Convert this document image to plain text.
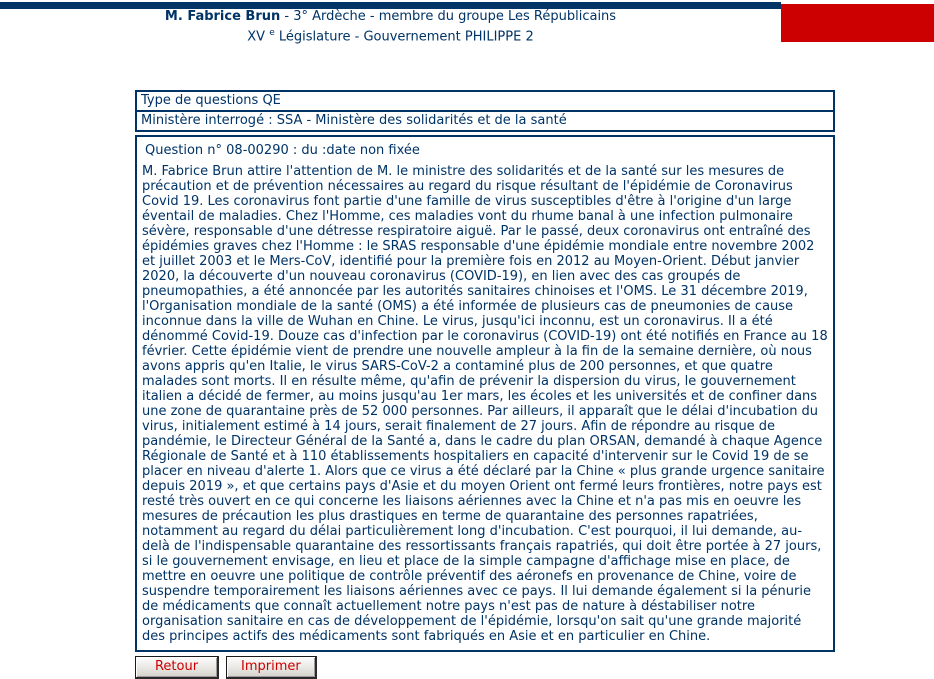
M. Fabrice Brun - 3° Ardèche - membre du groupe Les Républicains
XV $^e$ Législature - Gouvernement PHILIPPE 2
Type de questions QE
Ministère interrogé : SSA - Ministère des solidarités et de la santé
Question n° 08-00290 : du :date non fixée
M. Fabrice Brun attire l'attention de M. le ministre des solidarités et de la santé sur les mesures de précaution et de prévention nécessaires au regard du risque résultant de l'épidémie de Coronavirus Covid 19. Les coronavirus font partie d'une famille de virus susceptibles d'être à l'origine d'un large éventail de maladies. Chez l'Homme, ces maladies vont du rhume banal à une infection pulmonaire sévère, responsable d'une détresse respiratoire aiguë. Par le passé, deux coronavirus ont entraîné des épidémies graves chez l'Homme : le SRAS responsable d'une épidémie mondiale entre novembre 2002 et juillet 2003 et le Mers-CoV, identifié pour la première fois en 2012 au Moyen-Orient. Début janvier 2020, la découverte d'un nouveau coronavirus (COVID-19), en lien avec des cas groupés de pneumopathies, a été annoncée par les autorités sanitaires chinoises et l'OMS. Le 31 décembre 2019, l'Organisation mondiale de la santé (OMS) a été informée de plusieurs cas de pneumonies de cause inconnue dans la ville de Wuhan en Chine. Le virus, jusqu'ici inconnu, est un coronavirus. Il a été dénommé Covid-19. Douze cas d'infection par le coronavirus (COVID-19) ont été notifiés en France au 18 février. Cette épidémie vient de prendre une nouvelle ampleur à la fin de la semaine dernière, où nous avons appris qu'en Italie, le virus SARS-CoV-2 a contaminé plus de 200 personnes, et que quatre malades sont morts. Il en résulte même, qu'afin de prévenir la dispersion du virus, le gouvernement italien a décidé de fermer, au moins jusqu'au 1er mars, les écoles et les universités et de confiner dans une zone de quarantaine près de 52 000 personnes. Par ailleurs, il apparaît que le délai d'incubation du virus, initialement estimé à 14 jours, serait finalement de 27 jours. Afin de répondre au risque de pandémie, le Directeur Général de la Santé a, dans le cadre du plan ORSAN, demandé à chaque Agence Régionale de Santé et à 110 établissements hospitaliers en capacité d'intervenir sur le Covid 19 de se placer en niveau d'alerte 1. Alors que ce virus a été déclaré par la Chine « plus grande urgence sanitaire depuis 2019 », et que certains pays d'Asie et du moyen Orient ont fermé leurs frontières, notre pays est resté très ouvert en ce qui concerne les liaisons aériennes avec la Chine et n'a pas mis en oeuvre les mesures de précaution les plus drastiques en terme de quarantaine des personnes rapatriées, notamment au regard du délai particulièrement long d'incubation. C'est pourquoi, il lui demande, au-delà de l'indispensable quarantaine des ressortissants français rapatriés, qui doit être portée à 27 jours, si le gouvernement envisage, en lieu et place de la simple campagne d'affichage mise en place, de mettre en oeuvre une politique de contrôle préventif des aéronefs en provenance de Chine, voire de suspendre temporairement les liaisons aériennes avec ce pays. Il lui demande également si la pénurie de médicaments que connaît actuellement notre pays n'est pas de nature à déstabiliser notre organisation sanitaire en cas de développement de l'épidémie, lorsqu'on sait qu'une grande majorité des principes actifs des médicaments sont fabriqués en Asie et en particulier en Chine.
Retour	Imprimer
